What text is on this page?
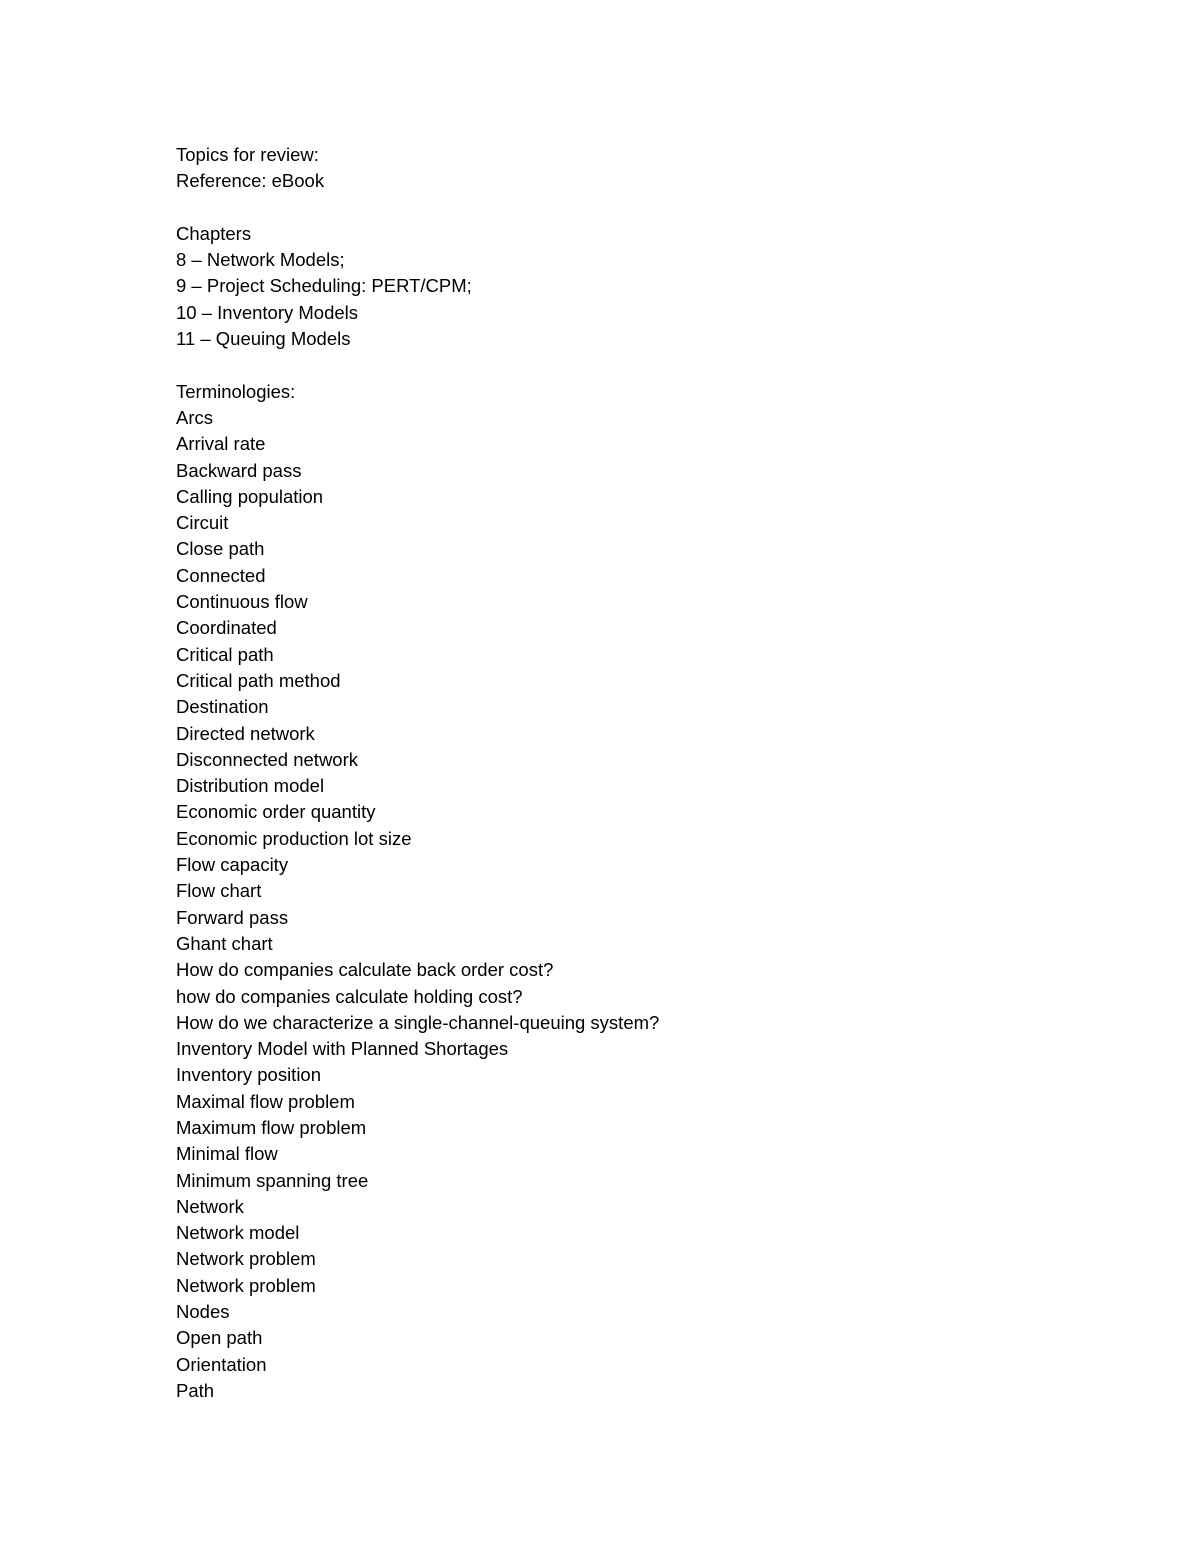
Topics for review:
Reference: eBook
Chapters
8 – Network Models;
9 – Project Scheduling: PERT/CPM;
10 – Inventory Models
11 – Queuing Models
Terminologies:
Arcs
Arrival rate
Backward pass
Calling population
Circuit
Close path
Connected
Continuous flow
Coordinated
Critical path
Critical path method
Destination
Directed network
Disconnected network
Distribution model
Economic order quantity
Economic production lot size
Flow capacity
Flow chart
Forward pass
Ghant chart
How do companies calculate back order cost?
how do companies calculate holding cost?
How do we characterize a single-channel-queuing system?
Inventory Model with Planned Shortages
Inventory position
Maximal flow problem
Maximum flow problem
Minimal flow
Minimum spanning tree
Network
Network model
Network problem
Network problem
Nodes
Open path
Orientation
Path
